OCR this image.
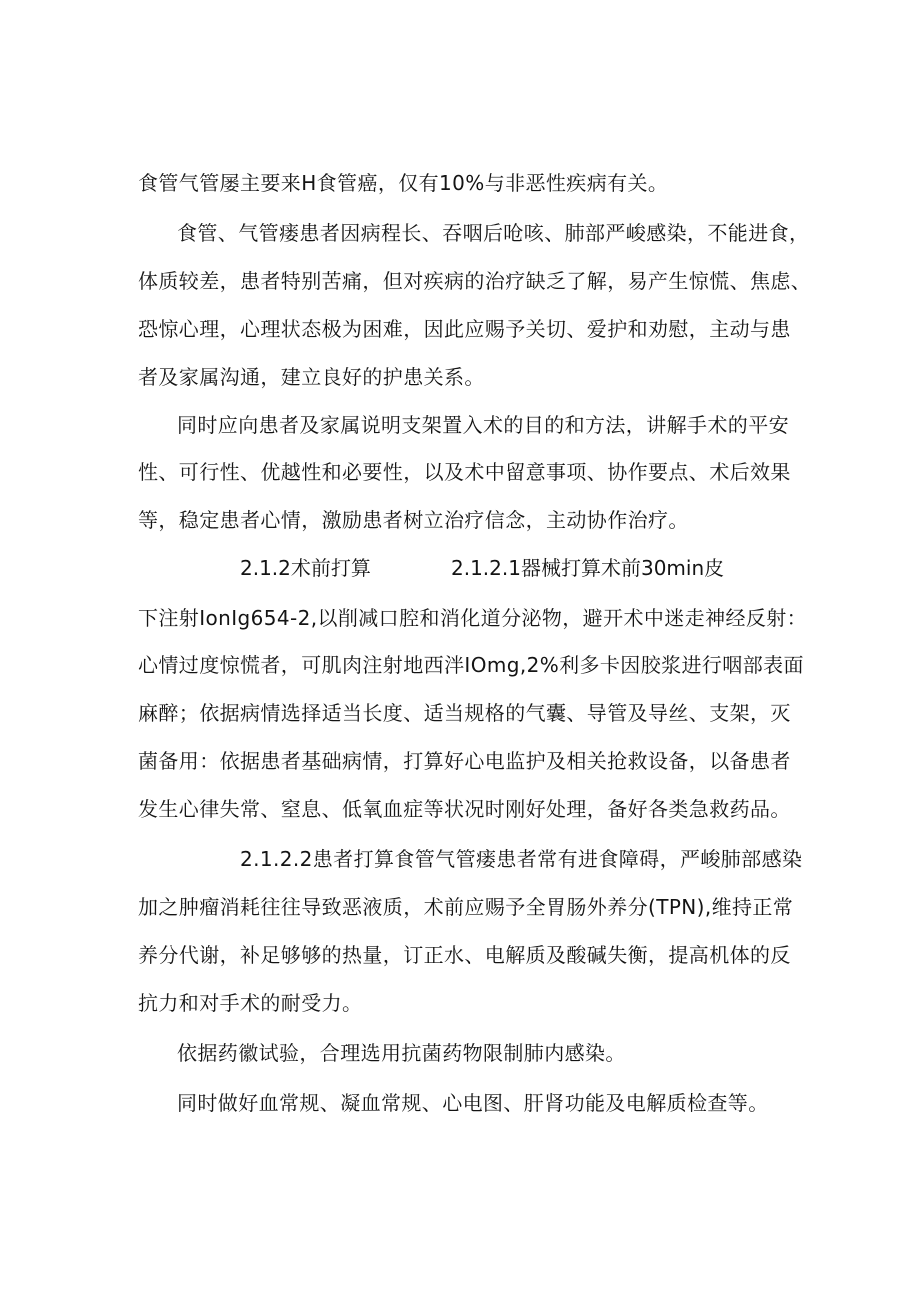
食管气管屡主要来H食管癌，仅有10%与非恶性疾病有关。
食管、气管瘘患者因病程长、吞咽后呛咳、肺部严峻感染，不能进食，
体质较差，患者特别苦痛，但对疾病的治疗缺乏了解，易产生惊慌、焦虑、
恐惊心理，心理状态极为困难，因此应赐予关切、爱护和劝慰，主动与患
者及家属沟通，建立良好的护患关系。
同时应向患者及家属说明支架置入术的目的和方法，讲解手术的平安
性、可行性、优越性和必要性，以及术中留意事项、协作要点、术后效果
等，稳定患者心情，激励患者树立治疗信念，主动协作治疗。
2.1.2术前打算	2.1.2.1器械打算术前30min皮
下注射IonIg654-2,以削减口腔和消化道分泌物，避开术中迷走神经反射：
心情过度惊慌者，可肌肉注射地西泮IOmg,2%利多卡因胶浆进行咽部表面
麻醉；依据病情选择适当长度、适当规格的气囊、导管及导丝、支架，灭
菌备用：依据患者基础病情，打算好心电监护及相关抢救设备，以备患者
发生心律失常、窒息、低氧血症等状况时刚好处理，备好各类急救药品。
2.1.2.2患者打算食管气管瘘患者常有进食障碍，严峻肺部感染
加之肿瘤消耗往往导致恶液质，术前应赐予全胃肠外养分(TPN),维持正常
养分代谢，补足够够的热量，订正水、电解质及酸碱失衡，提高机体的反
抗力和对手术的耐受力。
依据药徽试验，合理选用抗菌药物限制肺内感染。
同时做好血常规、凝血常规、心电图、肝肾功能及电解质检查等。
